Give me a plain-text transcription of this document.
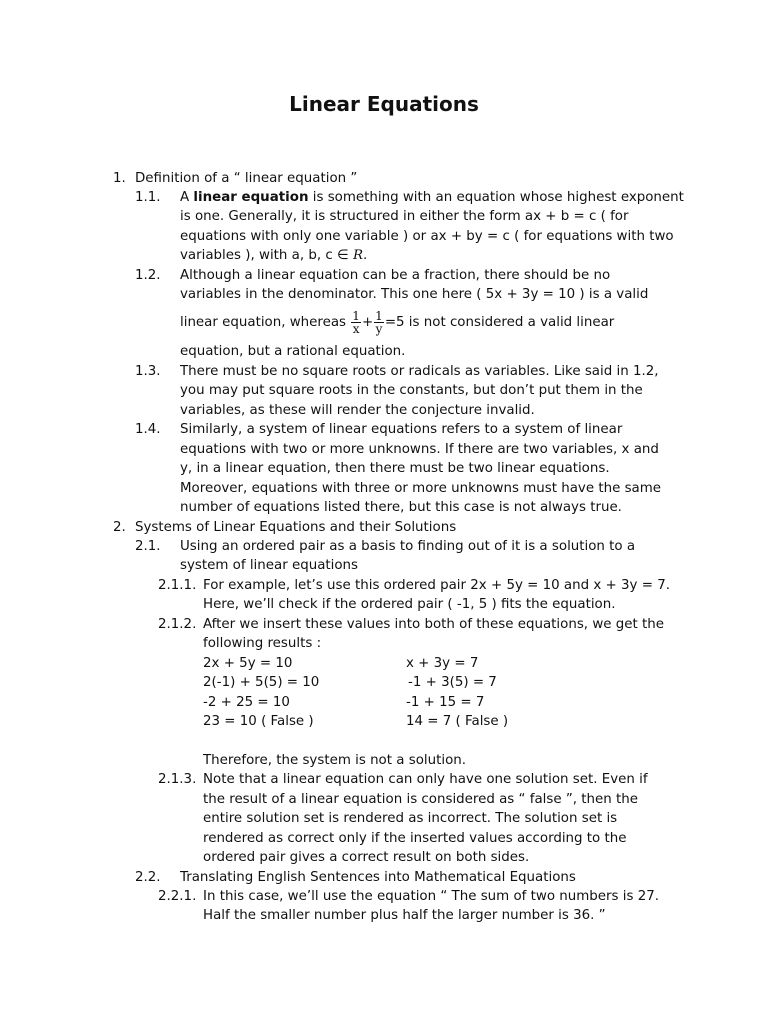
Linear Equations
1. Definition of a “ linear equation ”
1.1. A linear equation is something with an equation whose highest exponent
is one. Generally, it is structured in either the form ax + b = c ( for
equations with only one variable ) or ax + by = c ( for equations with two
variables ), with a, b, c ∈ R.
1.2. Although a linear equation can be a fraction, there should be no
variables in the denominator. This one here ( 5x + 3y = 10 ) is a valid
linear equation, whereas $\frac{1}{x} + \frac{1}{y} =5$ is not considered a valid linear
equation, but a rational equation.
1.3. There must be no square roots or radicals as variables. Like said in 1.2,
you may put square roots in the constants, but don’t put them in the
variables, as these will render the conjecture invalid.
1.4. Similarly, a system of linear equations refers to a system of linear
equations with two or more unknowns. If there are two variables, x and
y, in a linear equation, then there must be two linear equations.
Moreover, equations with three or more unknowns must have the same
number of equations listed there, but this case is not always true.
2. Systems of Linear Equations and their Solutions
2.1. Using an ordered pair as a basis to finding out of it is a solution to a
system of linear equations
2.1.1. For example, let’s use this ordered pair 2x + 5y = 10 and x + 3y = 7.
Here, we’ll check if the ordered pair ( -1, 5 ) fits the equation.
2.1.2. After we insert these values into both of these equations, we get the
following results :
2x + 5y = 10
2(-1) + 5(5) = 10
-2 + 25 = 10
23 = 10 ( False )
x + 3y = 7
-1 + 3(5) = 7
-1 + 15 = 7
14 = 7 ( False )
Therefore, the system is not a solution.
2.1.3. Note that a linear equation can only have one solution set. Even if
the result of a linear equation is considered as “ false ”, then the
entire solution set is rendered as incorrect. The solution set is
rendered as correct only if the inserted values according to the
ordered pair gives a correct result on both sides.
2.2. Translating English Sentences into Mathematical Equations
2.2.1. In this case, we’ll use the equation “ The sum of two numbers is 27.
Half the smaller number plus half the larger number is 36. ”
